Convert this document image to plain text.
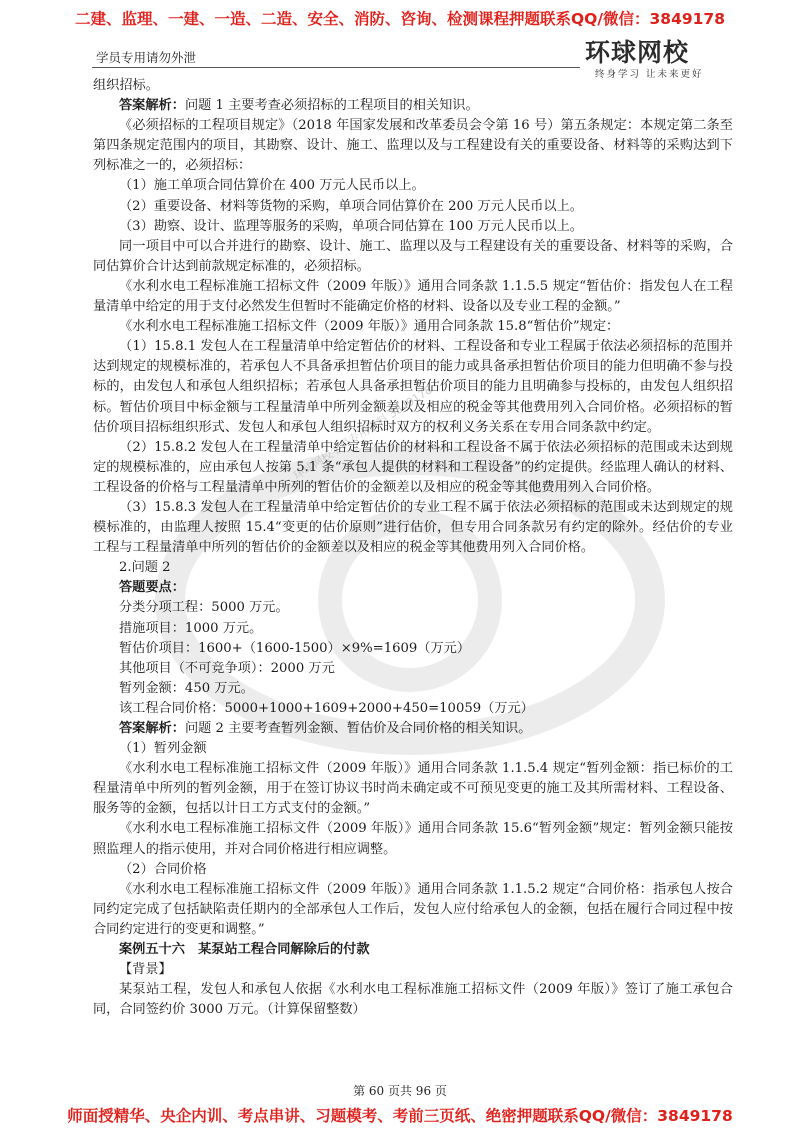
二建、监理、一建、一造、二造、安全、消防、咨询、检测课程押题联系QQ/微信：3849178
学员专用请勿外泄	环球网校
终身学习 让未来更好
环球网校学员专用资料 3849178

组织招标。

答案解析：问题 1 主要考查必须招标的工程项目的相关知识。

《必须招标的工程项目规定》（2018 年国家发展和改革委员会令第 16 号）第五条规定：本规定第二条至第四条规定范围内的项目，其勘察、设计、施工、监理以及与工程建设有关的重要设备、材料等的采购达到下列标准之一的，必须招标：

（1）施工单项合同估算价在 400 万元人民币以上。

（2）重要设备、材料等货物的采购，单项合同估算价在 200 万元人民币以上。

（3）勘察、设计、监理等服务的采购，单项合同估算在 100 万元人民币以上。

同一项目中可以合并进行的勘察、设计、施工、监理以及与工程建设有关的重要设备、材料等的采购，合同估算价合计达到前款规定标准的，必须招标。

《水利水电工程标准施工招标文件（2009 年版）》通用合同条款 1.1.5.5 规定“暂估价：指发包人在工程量清单中给定的用于支付必然发生但暂时不能确定价格的材料、设备以及专业工程的金额。”

《水利水电工程标准施工招标文件（2009 年版）》通用合同条款 15.8“暂估价”规定：

（1）15.8.1 发包人在工程量清单中给定暂估价的材料、工程设备和专业工程属于依法必须招标的范围并达到规定的规模标准的，若承包人不具备承担暂估价项目的能力或具备承担暂估价项目的能力但明确不参与投标的，由发包人和承包人组织招标；若承包人具备承担暂估价项目的能力且明确参与投标的，由发包人组织招标。暂估价项目中标金额与工程量清单中所列金额差以及相应的税金等其他费用列入合同价格。必须招标的暂估价项目招标组织形式、发包人和承包人组织招标时双方的权利义务关系在专用合同条款中约定。

（2）15.8.2 发包人在工程量清单中给定暂估价的材料和工程设备不属于依法必须招标的范围或未达到规定的规模标准的，应由承包人按第 5.1 条“承包人提供的材料和工程设备”的约定提供。经监理人确认的材料、工程设备的价格与工程量清单中所列的暂估价的金额差以及相应的税金等其他费用列入合同价格。

（3）15.8.3 发包人在工程量清单中给定暂估价的专业工程不属于依法必须招标的范围或未达到规定的规模标准的，由监理人按照 15.4“变更的估价原则”进行估价，但专用合同条款另有约定的除外。经估价的专业工程与工程量清单中所列的暂估价的金额差以及相应的税金等其他费用列入合同价格。

2.问题 2

答题要点：

分类分项工程：5000 万元。

措施项目：1000 万元。

暂估价项目：1600+（1600-1500）×9%=1609（万元）

其他项目（不可竞争项）：2000 万元

暂列金额：450 万元。

该工程合同价格：5000+1000+1609+2000+450=10059（万元）

答案解析：问题 2 主要考查暂列金额、暂估价及合同价格的相关知识。

（1）暂列金额

《水利水电工程标准施工招标文件（2009 年版）》通用合同条款 1.1.5.4 规定“暂列金额：指已标价的工程量清单中所列的暂列金额，用于在签订协议书时尚未确定或不可预见变更的施工及其所需材料、工程设备、服务等的金额，包括以计日工方式支付的金额。”

《水利水电工程标准施工招标文件（2009 年版）》通用合同条款 15.6“暂列金额”规定：暂列金额只能按照监理人的指示使用，并对合同价格进行相应调整。

（2）合同价格

《水利水电工程标准施工招标文件（2009 年版）》通用合同条款 1.1.5.2 规定“合同价格：指承包人按合同约定完成了包括缺陷责任期内的全部承包人工作后，发包人应付给承包人的金额，包括在履行合同过程中按合同约定进行的变更和调整。”

案例五十六　某泵站工程合同解除后的付款

【背景】

某泵站工程，发包人和承包人依据《水利水电工程标准施工招标文件（2009 年版）》签订了施工承包合同，合同签约价 3000 万元。（计算保留整数）

第 60 页共 96 页
师面授精华、央企内训、考点串讲、习题模考、考前三页纸、绝密押题联系QQ/微信：3849178
